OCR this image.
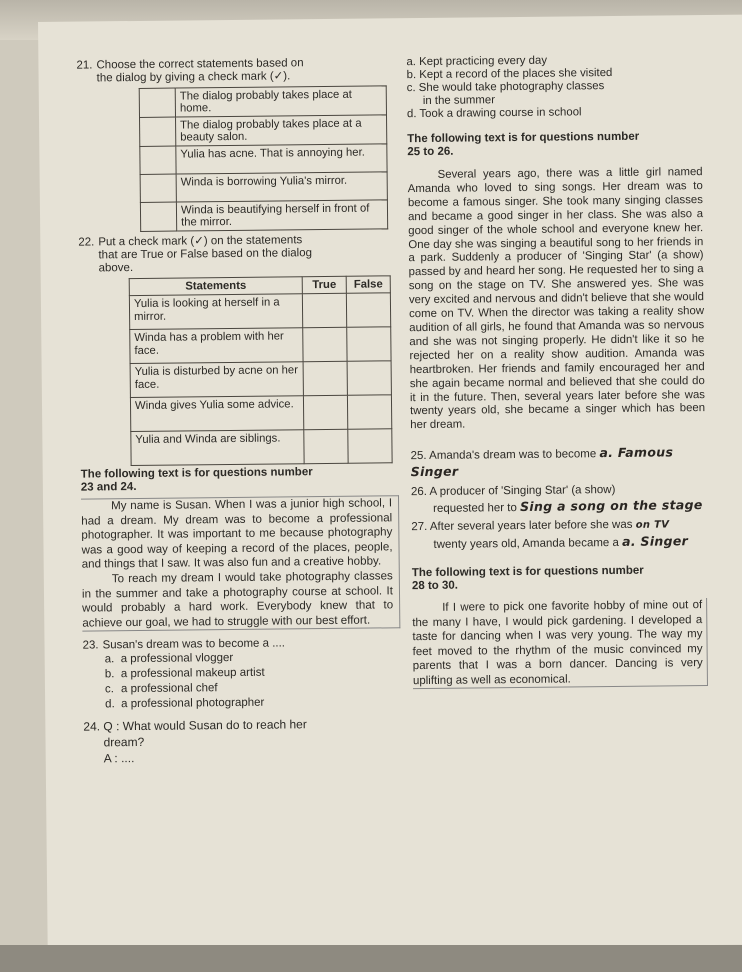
21. Choose the correct statements based on
the dialog by giving a check mark (✓).
	The dialog probably takes place at home.
	The dialog probably takes place at a beauty salon.
	Yulia has acne. That is annoying her.
	Winda is borrowing Yulia's mirror.
	Winda is beautifying herself in front of the mirror.
22. Put a check mark (✓) on the statements
that are True or False based on the dialog
above.
Statements	True	False
Yulia is looking at herself in a mirror.		
Winda has a problem with her face.		
Yulia is disturbed by acne on her face.		
Winda gives Yulia some advice.		
Yulia and Winda are siblings.		
The following text is for questions number
23 and 24.

My name is Susan. When I was a junior high school, I had a dream. My dream was to become a professional photographer. It was important to me because photography was a good way of keeping a record of the places, people, and things that I saw. It was also fun and a creative hobby.

To reach my dream I would take photography classes in the summer and take a photography course at school. It would probably a hard work. Everybody knew that to achieve our goal, we had to struggle with our best effort.

23. Susan's dream was to become a ....
a. a professional vlogger
b. a professional makeup artist
c. a professional chef
d. a professional photographer
24. Q : What would Susan do to reach her
dream?
A : ....
a. Kept practicing every day
b. Kept a record of the places she visited
c. She would take photography classes
in the summer
d. Took a drawing course in school
The following text is for questions number
25 to 26.

Several years ago, there was a little girl named Amanda who loved to sing songs. Her dream was to become a famous singer. She took many singing classes and became a good singer in her class. She was also a good singer of the whole school and everyone knew her. One day she was singing a beautiful song to her friends in a park. Suddenly a producer of 'Singing Star' (a show) passed by and heard her song. He requested her to sing a song on the stage on TV. She answered yes. She was very excited and nervous and didn't believe that she would come on TV. When the director was taking a reality show audition of all girls, he found that Amanda was so nervous and she was not singing properly. He didn't like it so he rejected her on a reality show audition. Amanda was heartbroken. Her friends and family encouraged her and she again became normal and believed that she could do it in the future. Then, several years later before she was twenty years old, she became a singer which has been her dream.

25. Amanda's dream was to become a. Famous Singer
26. A producer of 'Singing Star' (a show)
requested her to Sing a song on the stage
27. After several years later before she was on TV
twenty years old, Amanda became a a. Singer
The following text is for questions number
28 to 30.

If I were to pick one favorite hobby of mine out of the many I have, I would pick gardening. I developed a taste for dancing when I was very young. The way my feet moved to the rhythm of the music convinced my parents that I was a born dancer. Dancing is very uplifting as well as economical.
